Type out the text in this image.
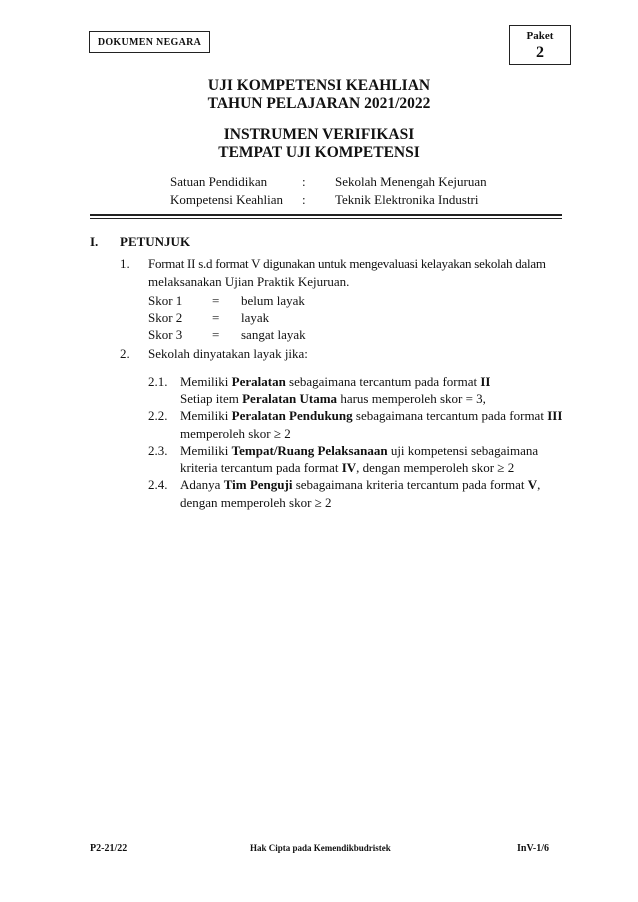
DOKUMEN NEGARA	Paket
2
UJI KOMPETENSI KEAHLIAN
TAHUN PELAJARAN 2021/2022
INSTRUMEN VERIFIKASI
TEMPAT UJI KOMPETENSI
Satuan Pendidikan	: Sekolah Menengah Kejuruan
Kompetensi Keahlian : Teknik Elektronika Industri
I. PETUNJUK
1. Format II s.d format V digunakan untuk mengevaluasi kelayakan sekolah dalam
melaksanakan Ujian Praktik Kejuruan.
Skor 1 = belum layak
Skor 2 = layak
Skor 3 = sangat layak
2. Sekolah dinyatakan layak jika:
2.1. Memiliki Peralatan sebagaimana tercantum pada format II
Setiap item Peralatan Utama harus memperoleh skor = 3,
2.2. Memiliki Peralatan Pendukung sebagaimana tercantum pada format III
memperoleh skor ≥ 2
2.3. Memiliki Tempat/Ruang Pelaksanaan uji kompetensi sebagaimana
kriteria tercantum pada format IV, dengan memperoleh skor ≥ 2
2.4. Adanya Tim Penguji sebagaimana kriteria tercantum pada format V,
dengan memperoleh skor ≥ 2
P2-21/22	Hak Cipta pada Kemendikbudristek	InV-1/6
